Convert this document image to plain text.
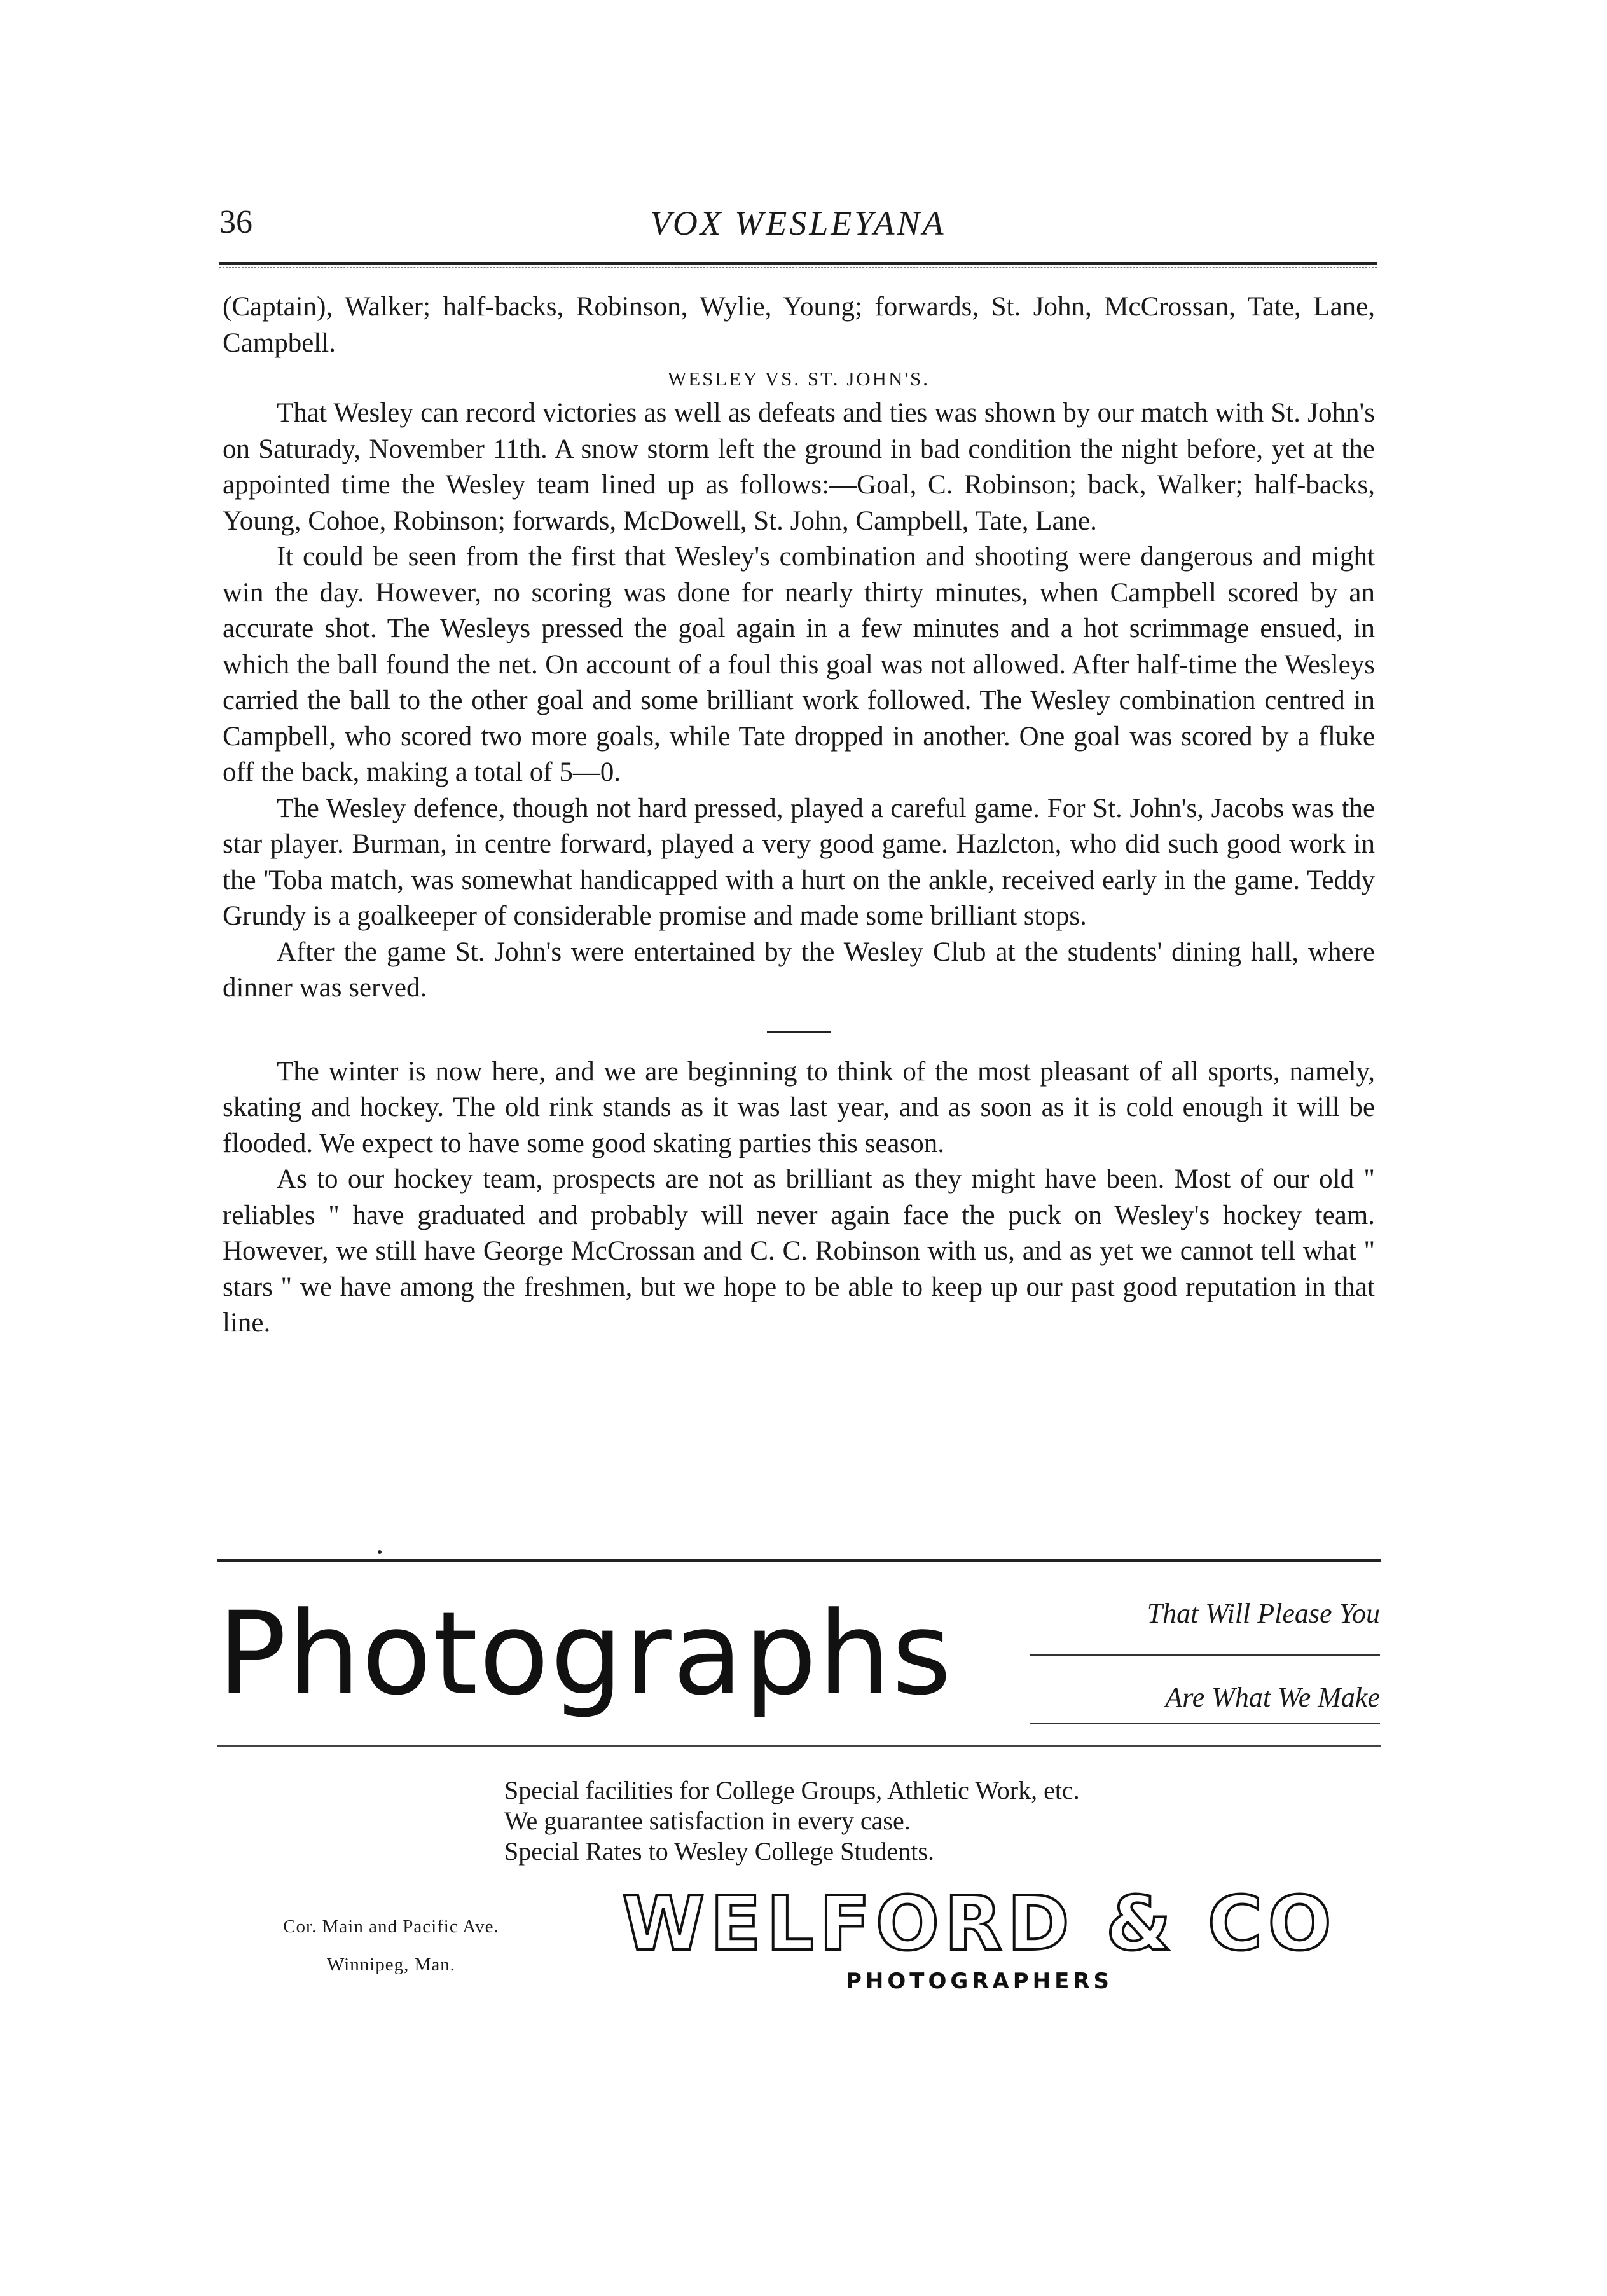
36	VOX WESLEYANA

(Captain), Walker; half-backs, Robinson, Wylie, Young; forwards, St. John, McCrossan, Tate, Lane, Campbell.

WESLEY VS. ST. JOHN'S.

That Wesley can record victories as well as defeats and ties was shown by our match with St. John's on Saturady, November 11th. A snow storm left the ground in bad condition the night before, yet at the appointed time the Wesley team lined up as follows:—Goal, C. Robinson; back, Walker; half-backs, Young, Cohoe, Robinson; forwards, McDowell, St. John, Campbell, Tate, Lane.

It could be seen from the first that Wesley's combination and shooting were dangerous and might win the day. However, no scoring was done for nearly thirty minutes, when Campbell scored by an accurate shot. The Wesleys pressed the goal again in a few minutes and a hot scrimmage ensued, in which the ball found the net. On account of a foul this goal was not allowed. After half-time the Wesleys carried the ball to the other goal and some brilliant work followed. The Wesley combination centred in Campbell, who scored two more goals, while Tate dropped in another. One goal was scored by a fluke off the back, making a total of 5—0.

The Wesley defence, though not hard pressed, played a careful game. For St. John's, Jacobs was the star player. Burman, in centre forward, played a very good game. Hazlcton, who did such good work in the 'Toba match, was somewhat handicapped with a hurt on the ankle, received early in the game. Teddy Grundy is a goalkeeper of considerable promise and made some brilliant stops.

After the game St. John's were entertained by the Wesley Club at the students' dining hall, where dinner was served.

The winter is now here, and we are beginning to think of the most pleasant of all sports, namely, skating and hockey. The old rink stands as it was last year, and as soon as it is cold enough it will be flooded. We expect to have some good skating parties this season.

As to our hockey team, prospects are not as brilliant as they might have been. Most of our old " reliables " have graduated and probably will never again face the puck on Wesley's hockey team. However, we still have George McCrossan and C. C. Robinson with us, and as yet we cannot tell what " stars " we have among the freshmen, but we hope to be able to keep up our past good reputation in that line.

Photographs	That Will Please You
Are What We Make

Special facilities for College Groups, Athletic Work, etc.

We guarantee satisfaction in every case.

Special Rates to Wesley College Students.

Cor. Main and Pacific Ave.
Winnipeg, Man.	WELFORD & CO
PHOTOGRAPHERS
